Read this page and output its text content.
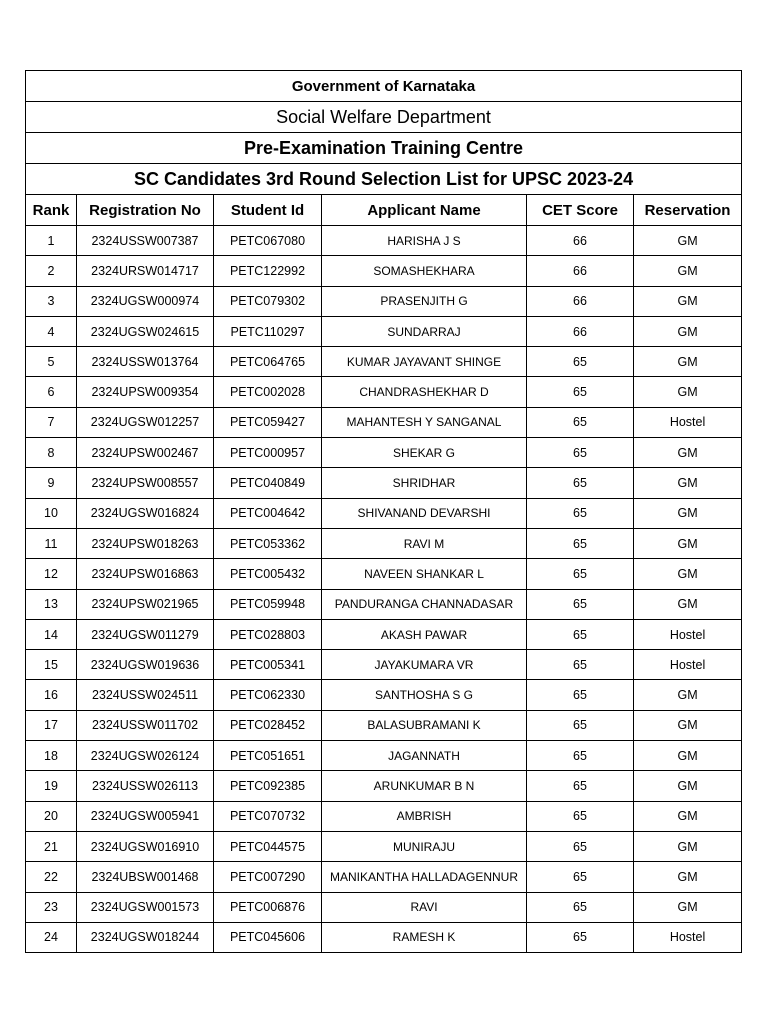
Government of Karnataka					
Social Welfare Department					
Pre-Examination Training Centre					
SC Candidates 3rd Round Selection List for UPSC 2023-24					
Rank	Registration No	Student Id	Applicant Name	CET Score	Reservation
1	2324USSW007387	PETC067080	HARISHA J S	66	GM
2	2324URSW014717	PETC122992	SOMASHEKHARA	66	GM
3	2324UGSW000974	PETC079302	PRASENJITH G	66	GM
4	2324UGSW024615	PETC110297	SUNDARRAJ	66	GM
5	2324USSW013764	PETC064765	KUMAR JAYAVANT SHINGE	65	GM
6	2324UPSW009354	PETC002028	CHANDRASHEKHAR D	65	GM
7	2324UGSW012257	PETC059427	MAHANTESH Y SANGANAL	65	Hostel
8	2324UPSW002467	PETC000957	SHEKAR G	65	GM
9	2324UPSW008557	PETC040849	SHRIDHAR	65	GM
10	2324UGSW016824	PETC004642	SHIVANAND DEVARSHI	65	GM
11	2324UPSW018263	PETC053362	RAVI M	65	GM
12	2324UPSW016863	PETC005432	NAVEEN SHANKAR L	65	GM
13	2324UPSW021965	PETC059948	PANDURANGA CHANNADASAR	65	GM
14	2324UGSW011279	PETC028803	AKASH PAWAR	65	Hostel
15	2324UGSW019636	PETC005341	JAYAKUMARA VR	65	Hostel
16	2324USSW024511	PETC062330	SANTHOSHA S G	65	GM
17	2324USSW011702	PETC028452	BALASUBRAMANI K	65	GM
18	2324UGSW026124	PETC051651	JAGANNATH	65	GM
19	2324USSW026113	PETC092385	ARUNKUMAR B N	65	GM
20	2324UGSW005941	PETC070732	AMBRISH	65	GM
21	2324UGSW016910	PETC044575	MUNIRAJU	65	GM
22	2324UBSW001468	PETC007290	MANIKANTHA HALLADAGENNUR	65	GM
23	2324UGSW001573	PETC006876	RAVI	65	GM
24	2324UGSW018244	PETC045606	RAMESH K	65	Hostel
